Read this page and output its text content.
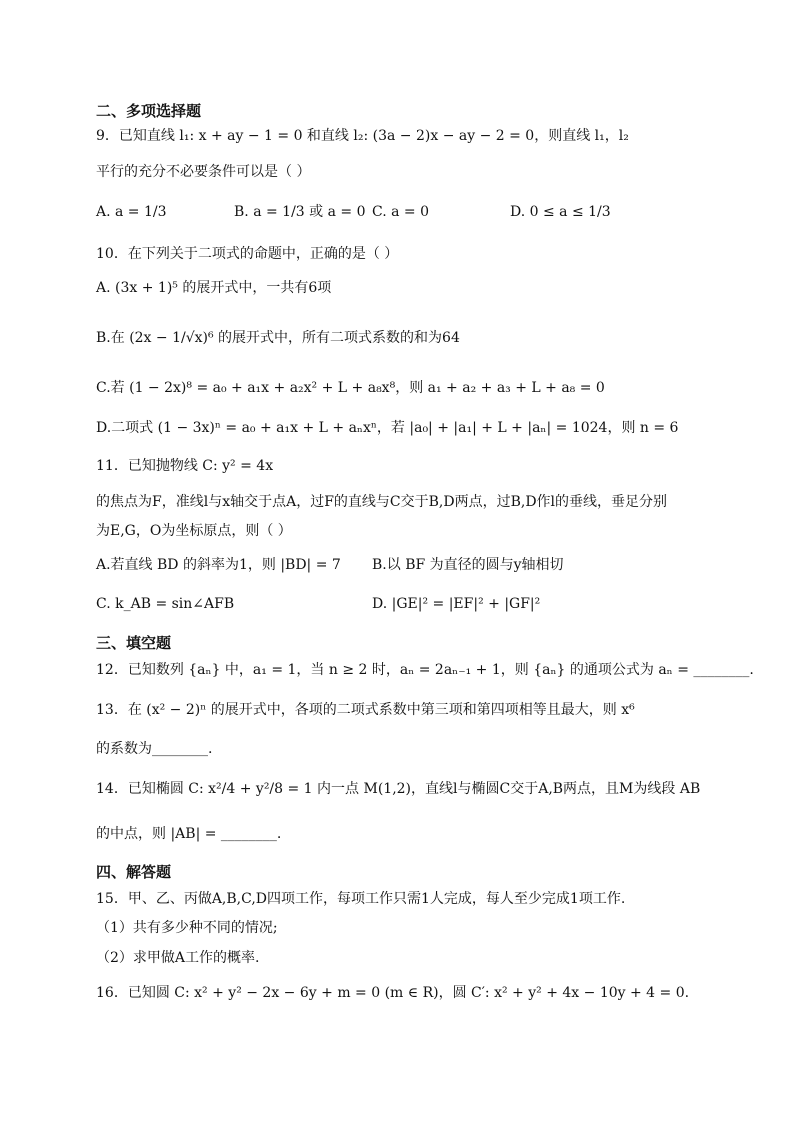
二、多项选择题
9．已知直线 l₁: x + ay − 1 = 0 和直线 l₂: (3a − 2)x − ay − 2 = 0，则直线 l₁，l₂
平行的充分不必要条件可以是（ ）
A. a = 1/3	B. a = 1/3 或 a = 0 C. a = 0	D. 0 ≤ a ≤ 1/3
10．在下列关于二项式的命题中，正确的是（ ）
A. (3x + 1)⁵ 的展开式中，一共有6项
B.在 (2x − 1/√x)⁶ 的展开式中，所有二项式系数的和为64
C.若 (1 − 2x)⁸ = a₀ + a₁x + a₂x² + L + a₈x⁸，则 a₁ + a₂ + a₃ + L + a₈ = 0
D.二项式 (1 − 3x)ⁿ = a₀ + a₁x + L + aₙxⁿ，若 |a₀| + |a₁| + L + |aₙ| = 1024，则 n = 6
11．已知抛物线 C: y² = 4x
的焦点为F，准线l与x轴交于点A，过F的直线与C交于B,D两点，过B,D作l的垂线，垂足分别
为E,G，O为坐标原点，则（ ）
A.若直线 BD 的斜率为1，则 |BD| = 7 B.以 BF 为直径的圆与y轴相切
C. k_AB = sin∠AFB	D. |GE|² = |EF|² + |GF|²
三、填空题
12．已知数列 {aₙ} 中，a₁ = 1，当 n ≥ 2 时，aₙ = 2aₙ₋₁ + 1，则 {aₙ} 的通项公式为 aₙ = ________.
13．在 (x² − 2)ⁿ 的展开式中，各项的二项式系数中第三项和第四项相等且最大，则 x⁶
的系数为________.
14．已知椭圆 C: x²/4 + y²/8 = 1 内一点 M(1,2)，直线l与椭圆C交于A,B两点，且M为线段 AB
的中点，则 |AB| = ________.
四、解答题
15．甲、乙、丙做A,B,C,D四项工作，每项工作只需1人完成，每人至少完成1项工作.
（1）共有多少种不同的情况;
（2）求甲做A工作的概率.
16．已知圆 C: x² + y² − 2x − 6y + m = 0 (m ∈ R)，圆 C′: x² + y² + 4x − 10y + 4 = 0.
